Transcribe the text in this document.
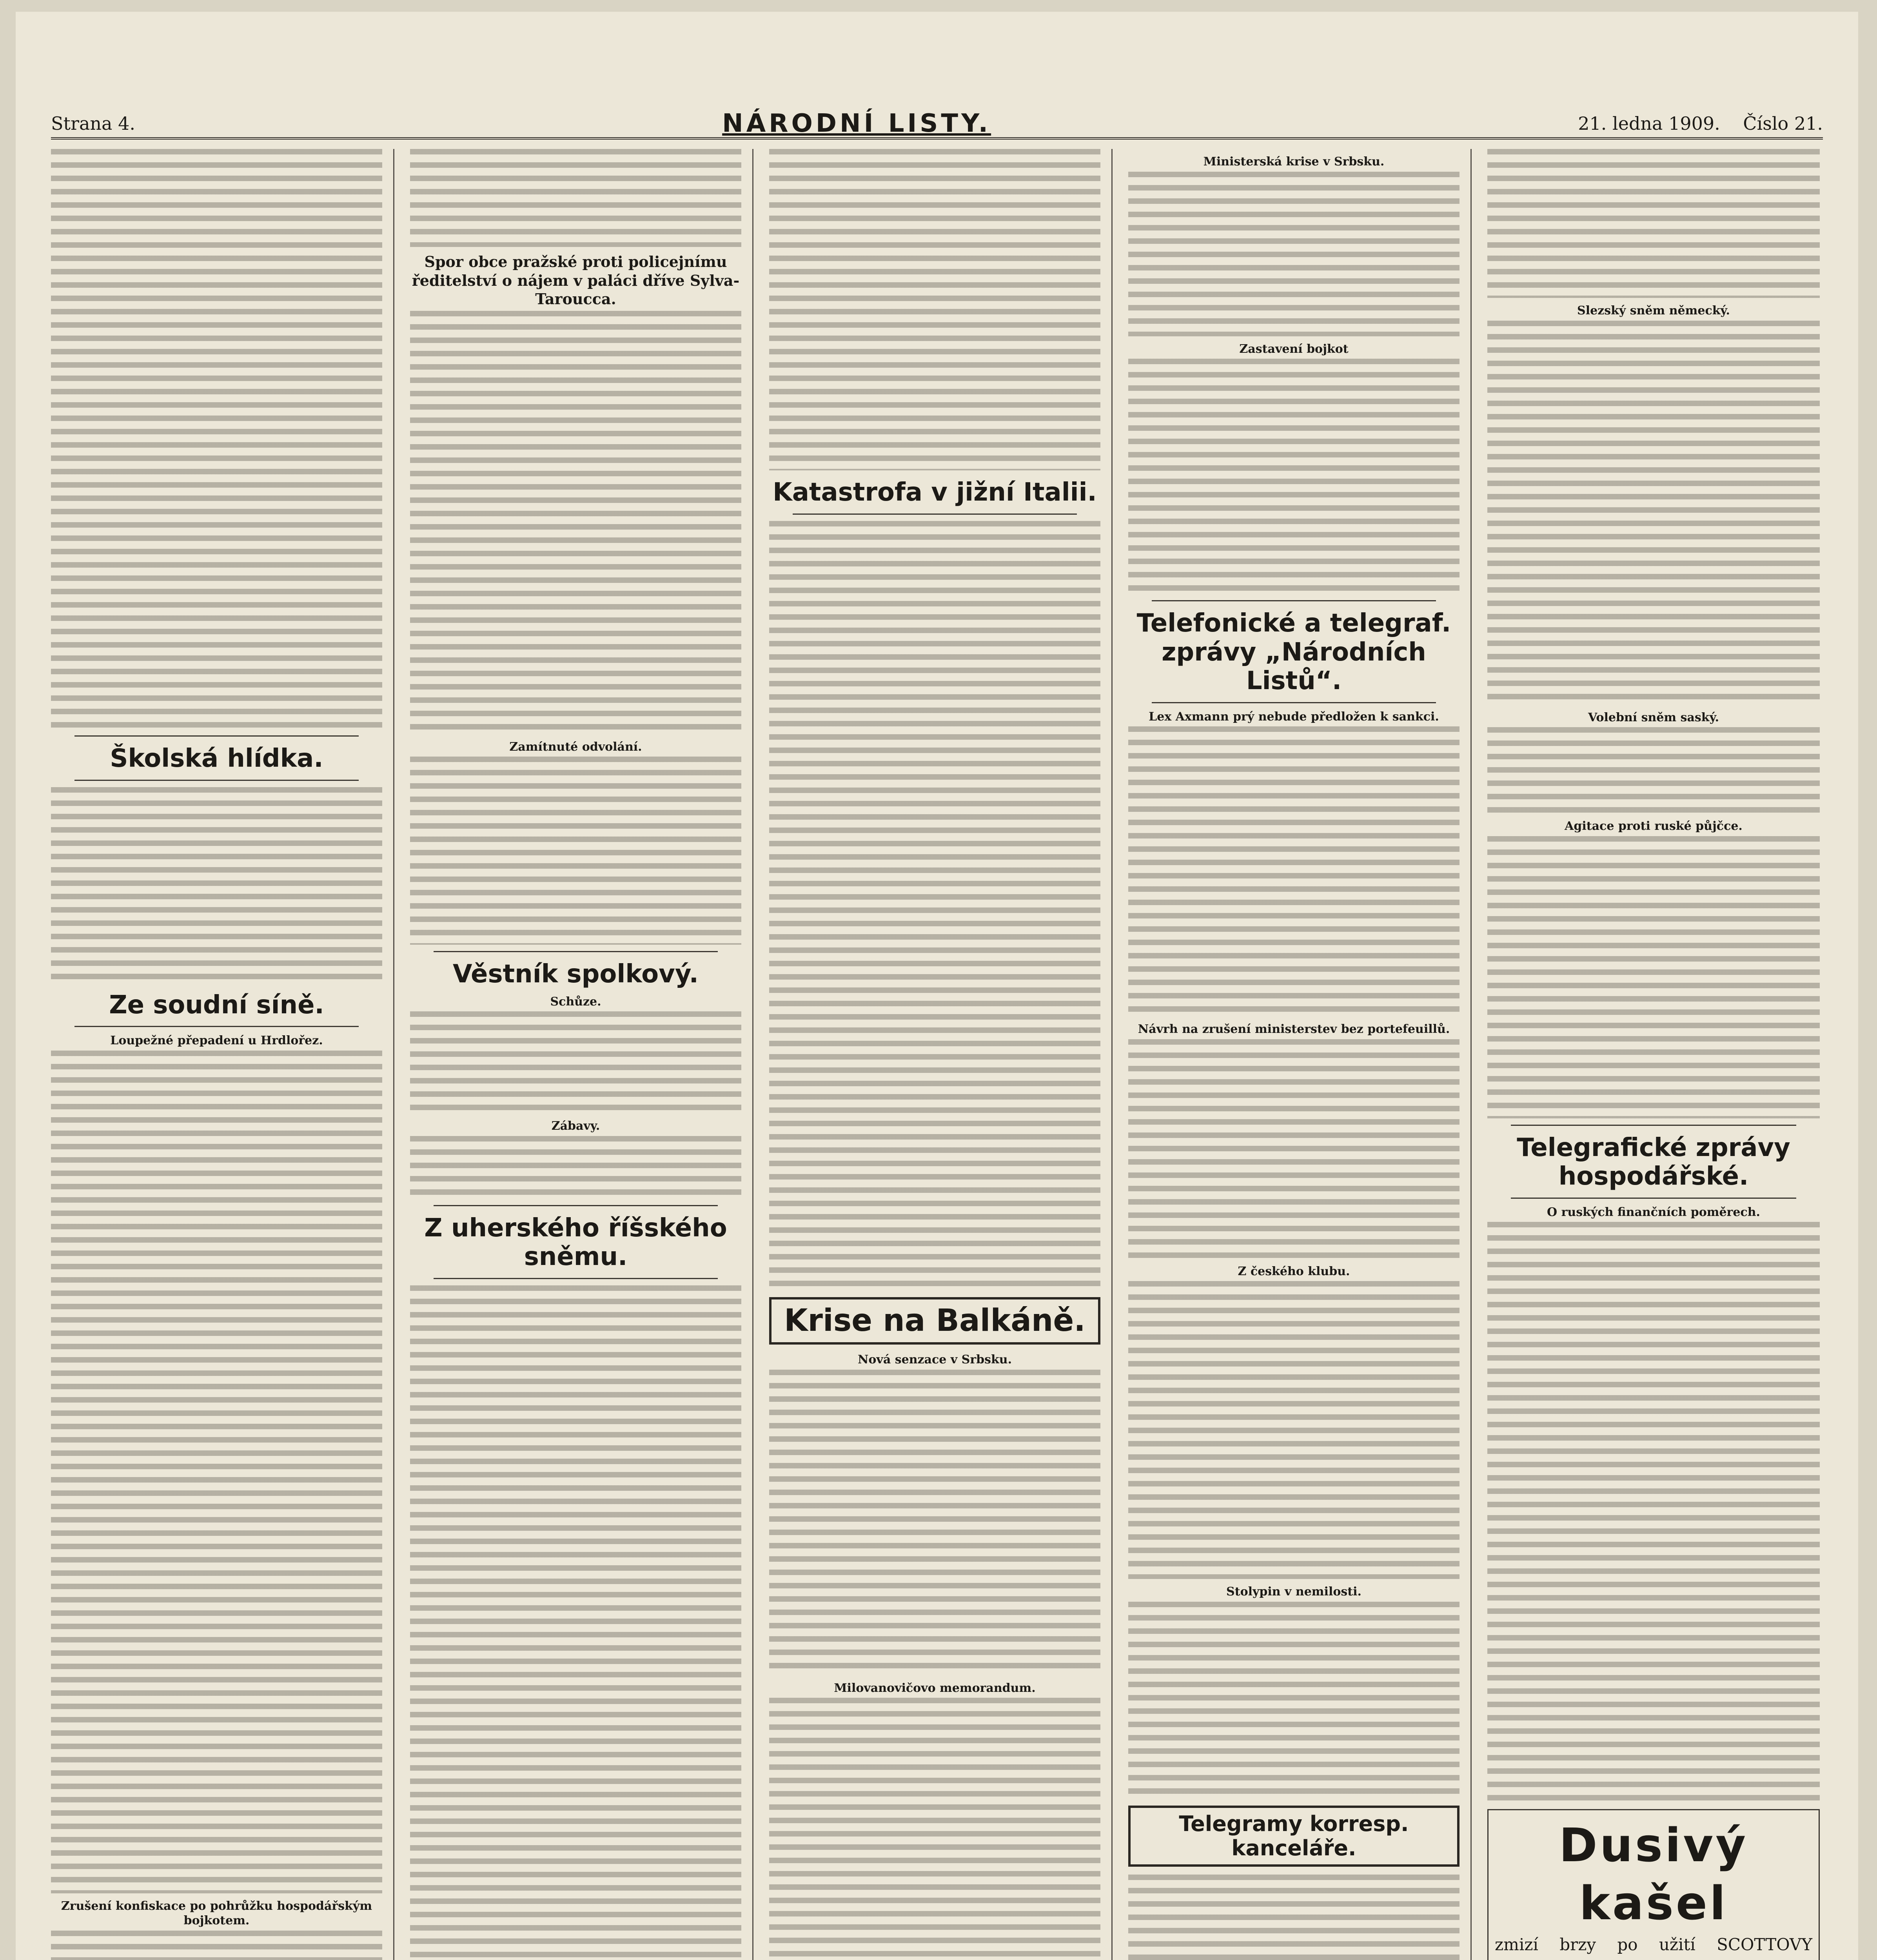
Strana 4.	NÁRODNÍ LISTY.	21. ledna 1909. Číslo 21.
Školská hlídka.
Ze soudní síně.
Loupežné přepadení u Hrdlořez.
Zrušení konfiskace po pohrůžku hospodářským bojkotem.
Spor obce pražské proti policejnímu ředitelství o nájem v paláci dříve Sylva-Taroucca.
Zamítnuté odvolání.
Věstník spolkový.
Schůze.
Zábavy.
Z uherského říšského sněmu.
Katastrofa v jižní Italii.
Krise na Balkáně.
Nová senzace v Srbsku.
Milovanovičovo memorandum.
Ministerská krise v Srbsku.
Zastavení bojkot
Telefonické a telegraf. zprávy „Národních Listů“.
Lex Axmann prý nebude předložen k sankci.
Návrh na zrušení ministerstev bez portefeuillů.
Z českého klubu.
Stolypin v nemilosti.
Telegramy korresp. kanceláře.
Slezský sněm německý.
Volební sněm saský.
Agitace proti ruské půjčce.
Telegrafické zprávy hospodářské.
O ruských finančních poměrech.
Dusivý kašel
zmizí brzy po užití SCOTTOVY
